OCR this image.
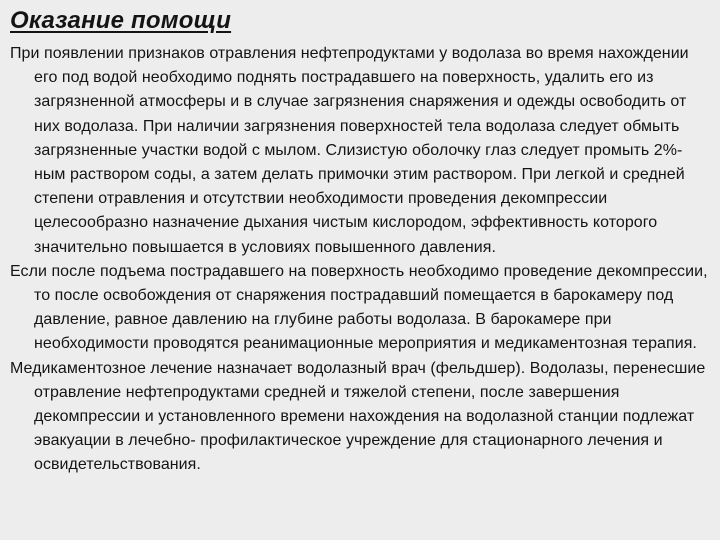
Оказание помощи

При появлении признаков отравления нефтепродуктами у водолаза во время нахождении его под водой необходимо поднять пострадавшего на поверхность, удалить его из загрязненной атмосферы и в случае загрязнения снаряжения и одежды освободить от них водолаза. При наличии загрязнения поверхностей тела водолаза следует обмыть загрязненные участки водой с мылом. Слизистую оболочку глаз следует промыть 2%-ным раствором соды, а затем делать примочки этим раствором. При легкой и средней степени отравления и отсутствии необходимости проведения декомпрессии целесообразно назначение дыхания чистым кислородом, эффективность которого значительно повышается в условиях повышенного давления.

Если после подъема пострадавшего на поверхность необходимо проведение декомпрессии, то после освобождения от снаряжения пострадавший помещается в барокамеру под давление, равное давлению на глубине работы водолаза. В барокамере при необходимости проводятся реанимационные мероприятия и медикаментозная терапия.

Медикаментозное лечение назначает водолазный врач (фельдшер). Водолазы, перенесшие отравление нефтепродуктами средней и тяжелой степени, после завершения декомпрессии и установленного времени нахождения на водолазной станции подлежат эвакуации в лечебно- профилактическое учреждение для стационарного лечения и освидетельствования.
